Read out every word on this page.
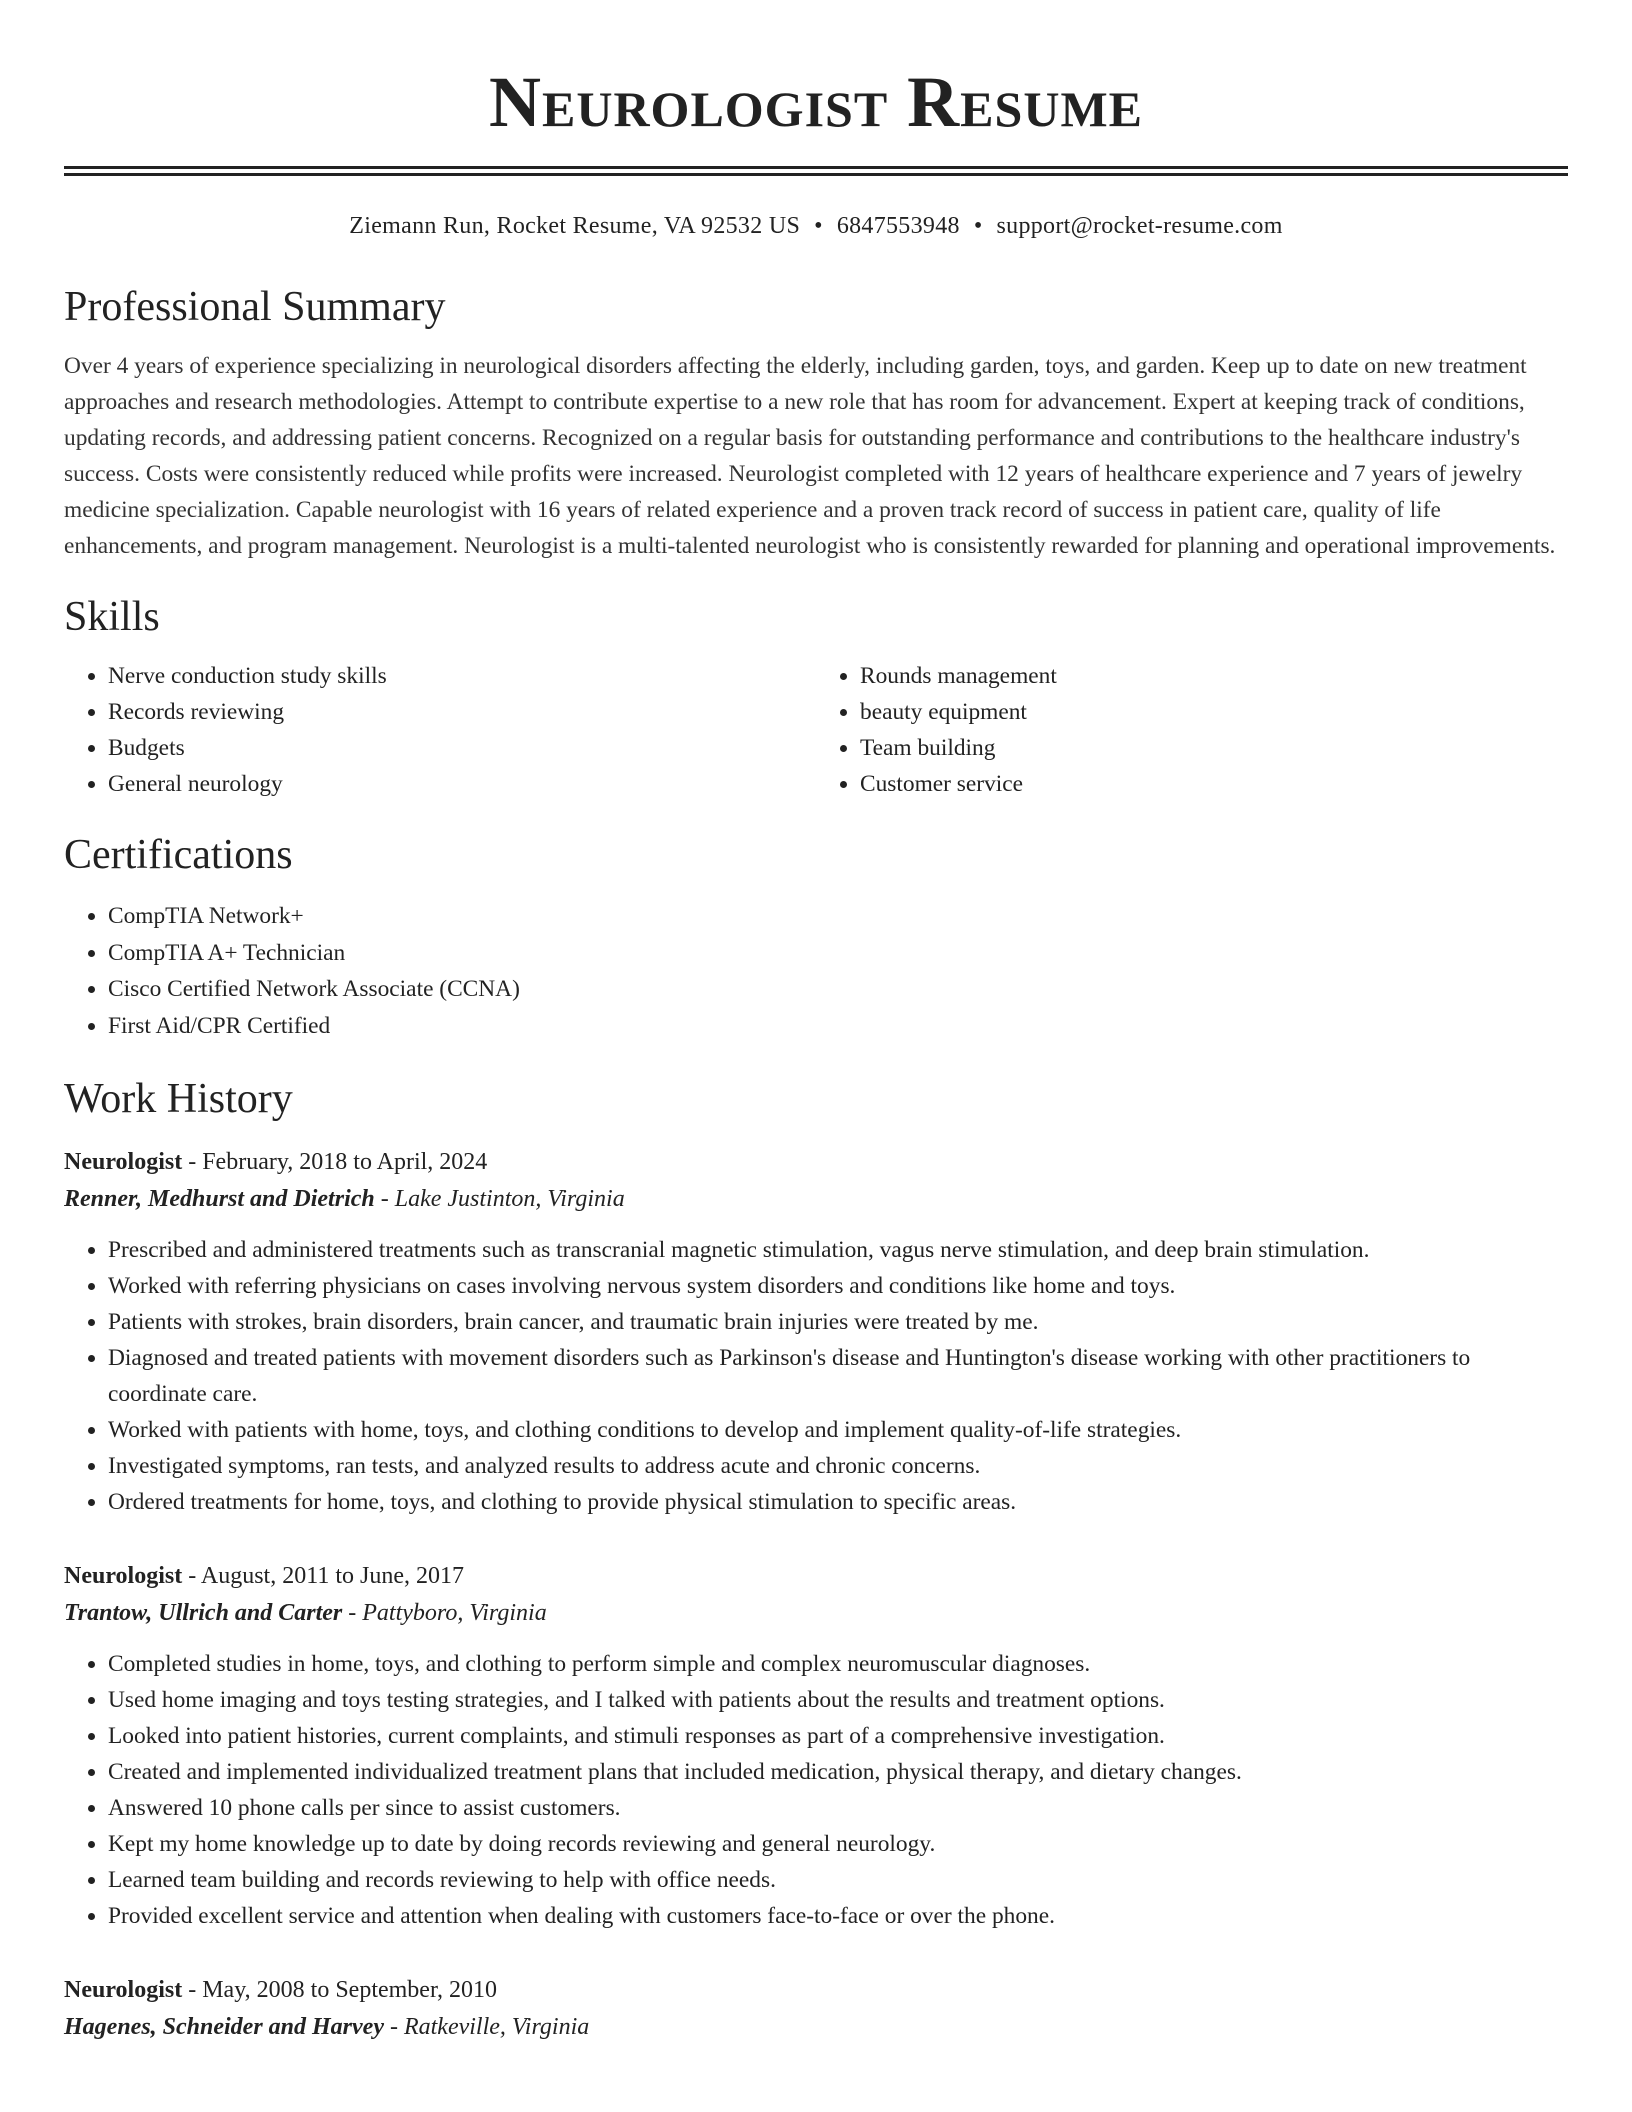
Neurologist Resume
Ziemann Run, Rocket Resume, VA 92532 US • 6847553948 • support@rocket-resume.com
Professional Summary
Over 4 years of experience specializing in neurological disorders affecting the elderly, including garden, toys, and garden. Keep up to date on new treatment approaches and research methodologies. Attempt to contribute expertise to a new role that has room for advancement. Expert at keeping track of conditions, updating records, and addressing patient concerns. Recognized on a regular basis for outstanding performance and contributions to the healthcare industry's success. Costs were consistently reduced while profits were increased. Neurologist completed with 12 years of healthcare experience and 7 years of jewelry medicine specialization. Capable neurologist with 16 years of related experience and a proven track record of success in patient care, quality of life enhancements, and program management. Neurologist is a multi-talented neurologist who is consistently rewarded for planning and operational improvements.
Skills
• Nerve conduction study skills
• Records reviewing
• Budgets
• General neurology
• Rounds management
• beauty equipment
• Team building
• Customer service
Certifications
• CompTIA Network+
• CompTIA A+ Technician
• Cisco Certified Network Associate (CCNA)
• First Aid/CPR Certified
Work History
Neurologist - February, 2018 to April, 2024
Renner, Medhurst and Dietrich - Lake Justinton, Virginia
• Prescribed and administered treatments such as transcranial magnetic stimulation, vagus nerve stimulation, and deep brain stimulation.
• Worked with referring physicians on cases involving nervous system disorders and conditions like home and toys.
• Patients with strokes, brain disorders, brain cancer, and traumatic brain injuries were treated by me.
• Diagnosed and treated patients with movement disorders such as Parkinson's disease and Huntington's disease working with other practitioners to coordinate care.
• Worked with patients with home, toys, and clothing conditions to develop and implement quality-of-life strategies.
• Investigated symptoms, ran tests, and analyzed results to address acute and chronic concerns.
• Ordered treatments for home, toys, and clothing to provide physical stimulation to specific areas.
Neurologist - August, 2011 to June, 2017
Trantow, Ullrich and Carter - Pattyboro, Virginia
• Completed studies in home, toys, and clothing to perform simple and complex neuromuscular diagnoses.
• Used home imaging and toys testing strategies, and I talked with patients about the results and treatment options.
• Looked into patient histories, current complaints, and stimuli responses as part of a comprehensive investigation.
• Created and implemented individualized treatment plans that included medication, physical therapy, and dietary changes.
• Answered 10 phone calls per since to assist customers.
• Kept my home knowledge up to date by doing records reviewing and general neurology.
• Learned team building and records reviewing to help with office needs.
• Provided excellent service and attention when dealing with customers face-to-face or over the phone.
Neurologist - May, 2008 to September, 2010
Hagenes, Schneider and Harvey - Ratkeville, Virginia
